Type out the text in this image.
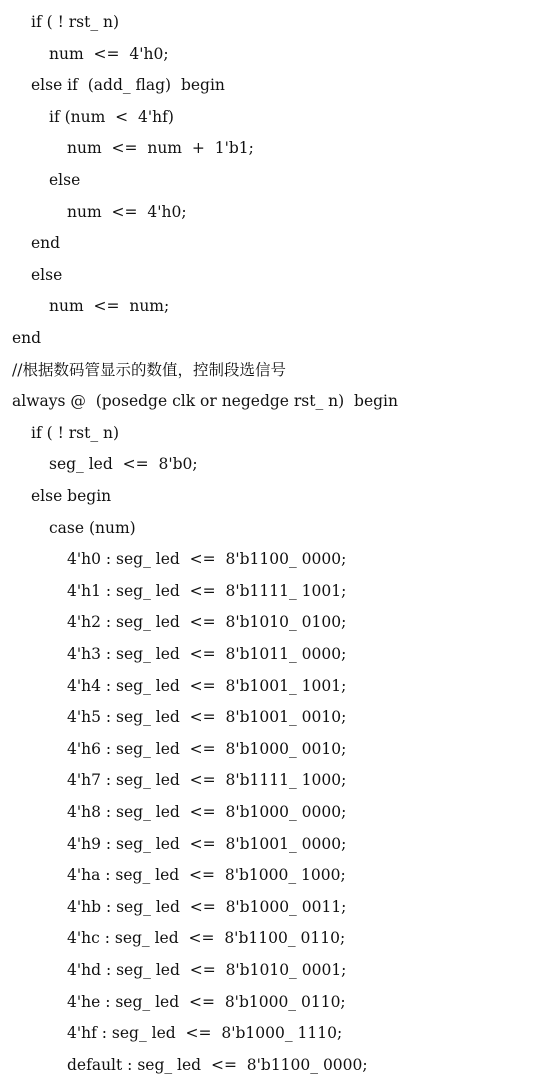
if ( ! rst_ n)
num  <=  4'h0;
else if  (add_ flag)  begin
if (num  <  4'hf)
num  <=  num  +  1'b1;
else
num  <=  4'h0;
end
else
num  <=  num;
end
//根据数码管显示的数值，控制段选信号
always @  (posedge clk or negedge rst_ n)  begin
if ( ! rst_ n)
seg_ led  <=  8'b0;
else begin
case (num)
4'h0 : seg_ led  <=  8'b1100_ 0000;
4'h1 : seg_ led  <=  8'b1111_ 1001;
4'h2 : seg_ led  <=  8'b1010_ 0100;
4'h3 : seg_ led  <=  8'b1011_ 0000;
4'h4 : seg_ led  <=  8'b1001_ 1001;
4'h5 : seg_ led  <=  8'b1001_ 0010;
4'h6 : seg_ led  <=  8'b1000_ 0010;
4'h7 : seg_ led  <=  8'b1111_ 1000;
4'h8 : seg_ led  <=  8'b1000_ 0000;
4'h9 : seg_ led  <=  8'b1001_ 0000;
4'ha : seg_ led  <=  8'b1000_ 1000;
4'hb : seg_ led  <=  8'b1000_ 0011;
4'hc : seg_ led  <=  8'b1100_ 0110;
4'hd : seg_ led  <=  8'b1010_ 0001;
4'he : seg_ led  <=  8'b1000_ 0110;
4'hf : seg_ led  <=  8'b1000_ 1110;
default : seg_ led  <=  8'b1100_ 0000;
